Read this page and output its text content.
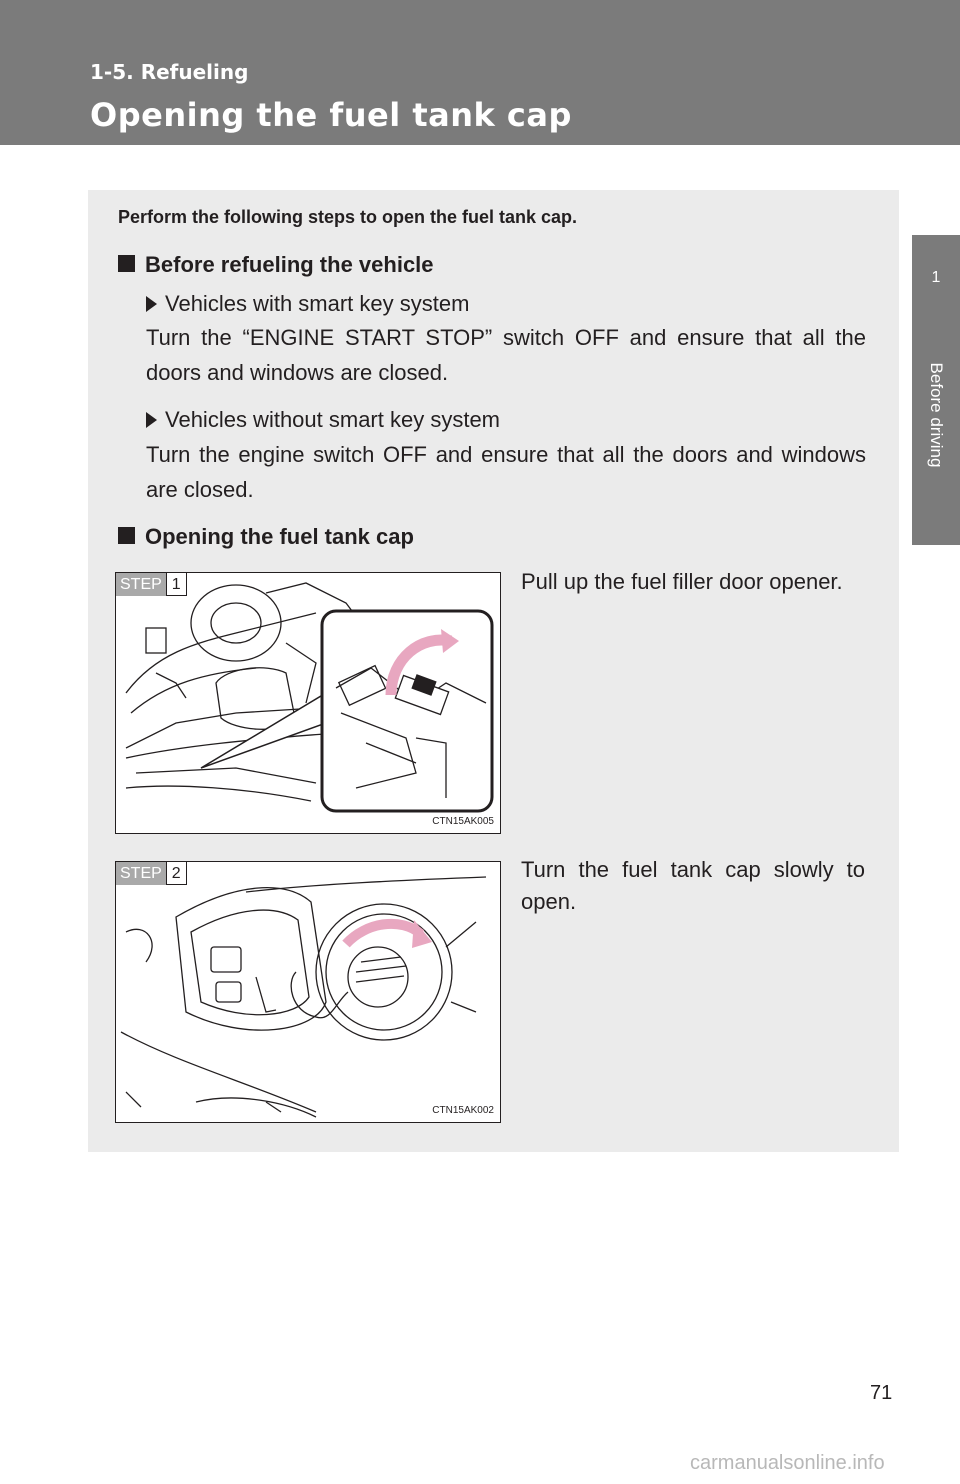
1-5. Refueling
Opening the fuel tank cap
1
Before driving
Perform the following steps to open the fuel tank cap.
Before refueling the vehicle
Vehicles with smart key system
Turn the “ENGINE START STOP” switch OFF and ensure that all the doors and windows are closed.
Vehicles without smart key system
Turn the engine switch OFF and ensure that all the doors and windows are closed.
Opening the fuel tank cap
STEP 1
CTN15AK005
Pull up the fuel filler door opener.
STEP 2
CTN15AK002
Turn the fuel tank cap slowly to open.
71
carmanualsonline.info
